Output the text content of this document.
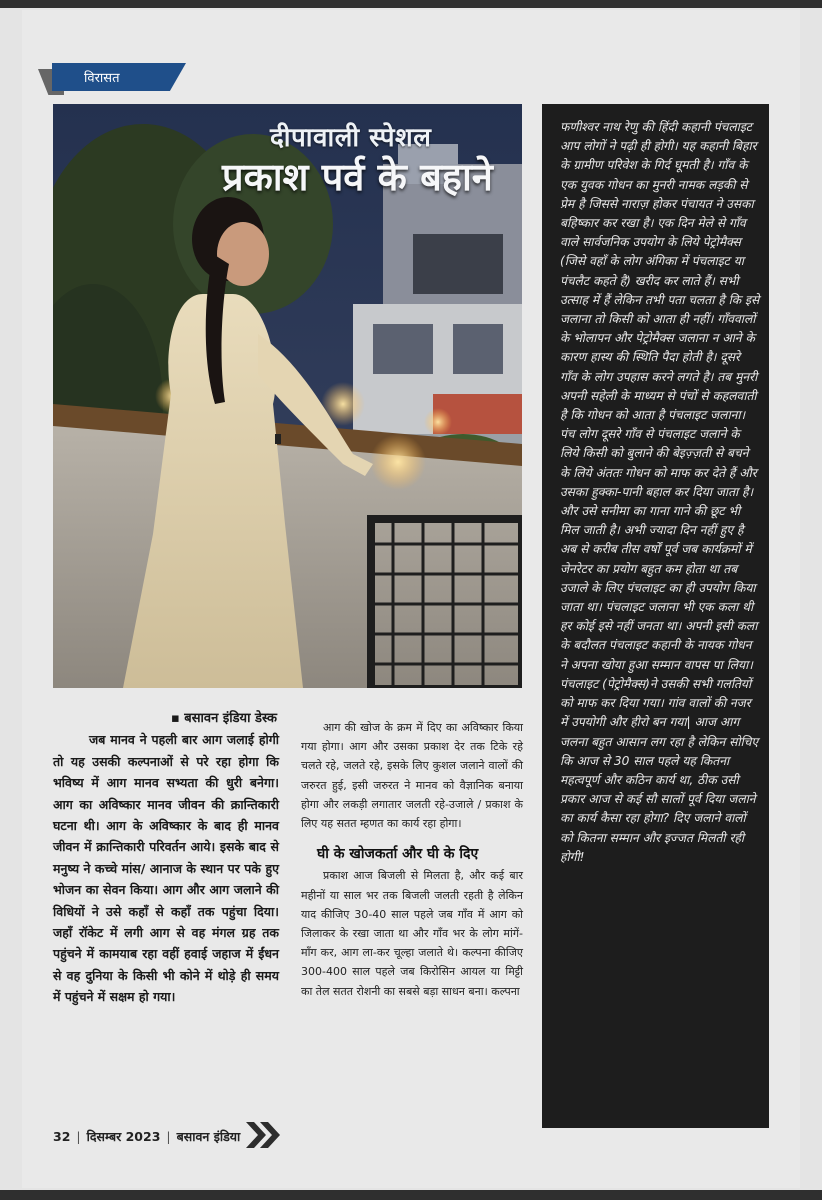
विरासत
दीपावाली स्पेशल
प्रकाश पर्व के बहाने
▪ बसावन इंडिया डेस्क

जब मानव ने पहली बार आग जलाई होगी तो यह उसकी कल्पनाओं से परे रहा होगा कि भविष्य में आग मानव सभ्यता की धुरी बनेगा। आग का अविष्कार मानव जीवन की क्रान्तिकारी घटना थी। आग के अविष्कार के बाद ही मानव जीवन में क्रान्तिकारी परिवर्तन आये। इसके बाद से मनुष्य ने कच्चे मांस/ आनाज के स्थान पर पके हुए भोजन का सेवन किया। आग और आग जलाने की विधियों ने उसे कहाँ से कहाँ तक पहुंचा दिया। जहाँ रॉकेट में लगी आग से वह मंगल ग्रह तक पहुंचने में कामयाब रहा वहीं हवाई जहाज में ईंधन से वह दुनिया के किसी भी कोने में थोड़े ही समय में पहुंचने में सक्षम हो गया।

आग की खोज के क्रम में दिए का अविष्कार किया गया होगा। आग और उसका प्रकाश देर तक टिके रहे चलते रहे, जलते रहे, इसके लिए कुशल जलाने वालों की जरुरत हुई, इसी जरुरत ने मानव को वैज्ञानिक बनाया होगा और लकड़ी लगातार जलती रहे-उजाले / प्रकाश के लिए यह सतत म्हणत का कार्य रहा होगा।

घी के खोजकर्ता और घी के दिए

प्रकाश आज बिजली से मिलता है, और कई बार महीनों या साल भर तक बिजली जलती रहती है लेकिन याद कीजिए 30-40 साल पहले जब गाँव में आग को जिलाकर के रखा जाता था और गाँव भर के लोग मांगें-माँग कर, आग ला-कर चूल्हा जलाते थे। कल्पना कीजिए 300-400 साल पहले जब किरोसिन आयल या मिट्टी का तेल सतत रोशनी का सबसे बड़ा साधन बना। कल्पना

फणीश्वर नाथ रेणु की हिंदी कहानी पंचलाइट आप लोगों ने पढ़ी ही होगी। यह कहानी बिहार के ग्रामीण परिवेश के गिर्द घूमती है। गाँव के एक युवक गोधन का मुनरी नामक लड़की से प्रेम है जिससे नाराज़ होकर पंचायत ने उसका बहिष्कार कर रखा है। एक दिन मेले से गाँव वाले सार्वजनिक उपयोग के लिये पेट्रोमैक्स (जिसे वहाँ के लोग अंगिका में पंचलाइट या पंचलैट कहते है) खरीद कर लाते हैं। सभी उत्साह में हैं लेकिन तभी पता चलता है कि इसे जलाना तो किसी को आता ही नहीं। गाँववालों के भोलापन और पेट्रोमैक्स जलाना न आने के कारण हास्य की स्थिति पैदा होती है। दूसरे गाँव के लोग उपहास करने लगते है। तब मुनरी अपनी सहेली के माध्यम से पंचों से कहलवाती है कि गोधन को आता है पंचलाइट जलाना। पंच लोग दूसरे गाँव से पंचलाइट जलाने के लिये किसी को बुलाने की बेइज़्ज़ती से बचने के लिये अंततः गोधन को माफ कर देते हैं और उसका हुक्का-पानी बहाल कर दिया जाता है। और उसे सनीमा का गाना गाने की छूट भी मिल जाती है। अभी ज्यादा दिन नहीं हुए है अब से करीब तीस वर्षों पूर्व जब कार्यक्रमों में जेनरेटर का प्रयोग बहुत कम होता था तब उजाले के लिए पंचलाइट का ही उपयोग किया जाता था। पंचलाइट जलाना भी एक कला थी हर कोई इसे नहीं जनता था। अपनी इसी कला के बदौलत पंचलाइट कहानी के नायक गोधन ने अपना खोया हुआ सम्मान वापस पा लिया। पंचलाइट (पेट्रोमैक्स)ने उसकी सभी गलतियों को माफ कर दिया गया। गांव वालों की नजर में उपयोगी और हीरो बन गया| आज आग जलना बहुत आसान लग रहा है लेकिन सोचिए कि आज से 30 साल पहले यह कितना महत्वपूर्ण और कठिन कार्य था, ठीक उसी प्रकार आज से कई सौ सालों पूर्व दिया जलाने का कार्य कैसा रहा होगा? दिए जलाने वालों को कितना सम्मान और इज्जत मिलती रही होगी!
32 | दिसम्बर 2023 | बसावन इंडिया
